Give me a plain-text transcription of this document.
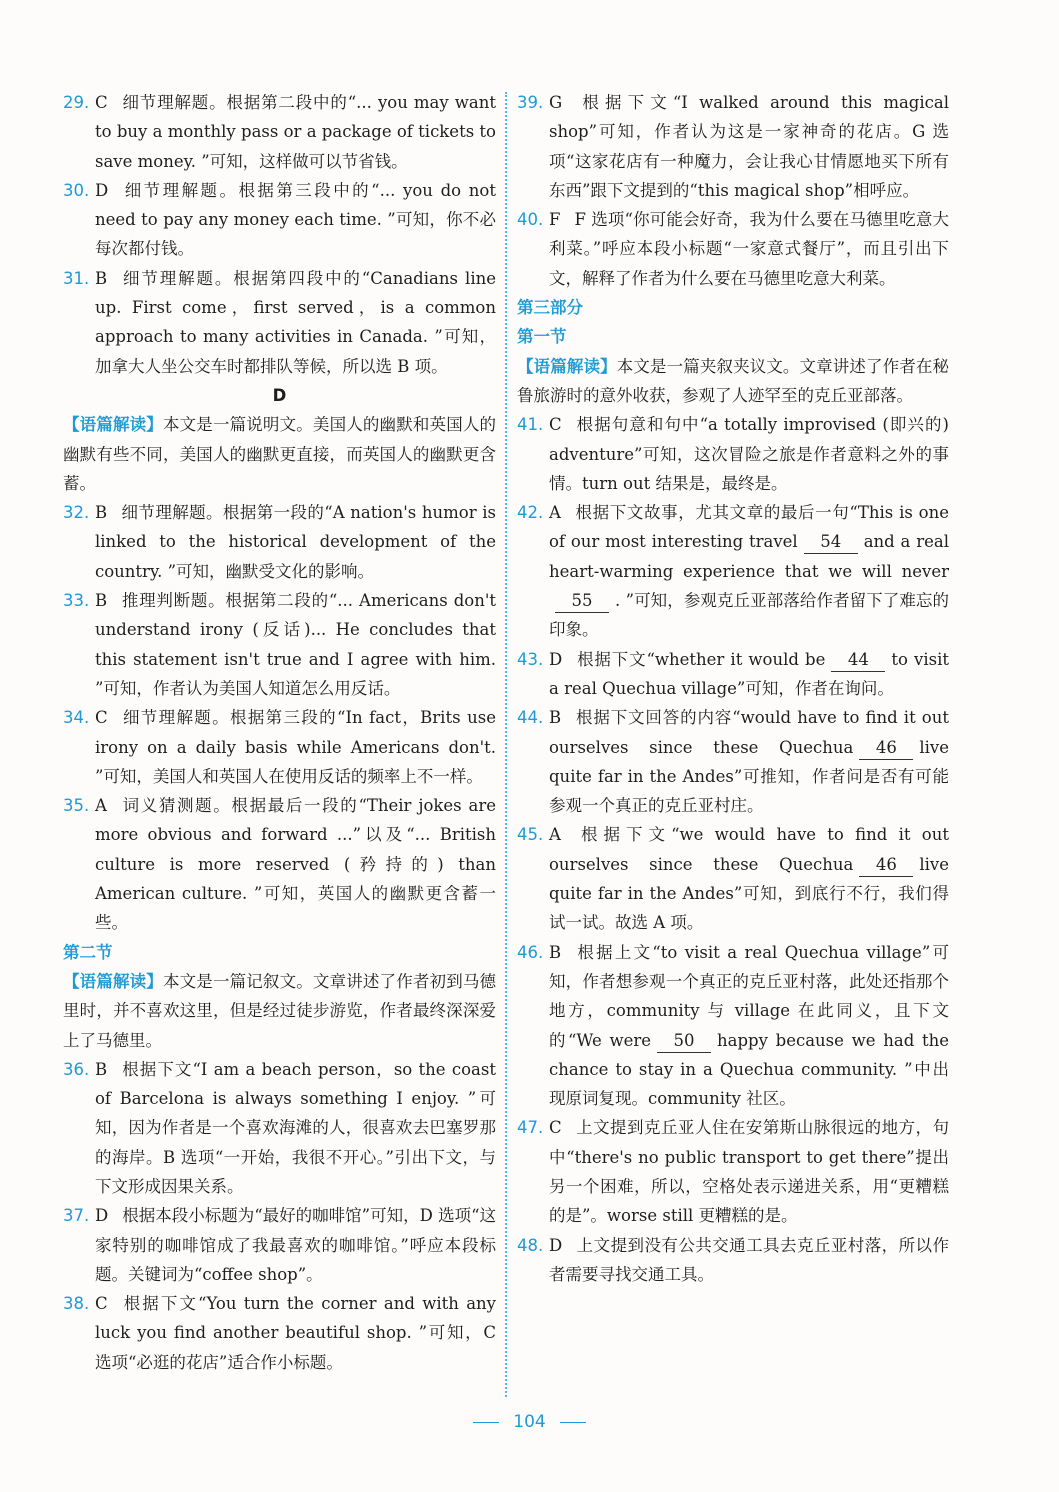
29. C 细节理解题。根据第二段中的“... you may want to buy a monthly pass or a package of tickets to save money. ”可知，这样做可以节省钱。
30. D 细节理解题。根据第三段中的“... you do not need to pay any money each time. ”可知，你不必每次都付钱。
31. B 细节理解题。根据第四段中的“Canadians line up. First come，first served，is a common approach to many activities in Canada. ”可知，加拿大人坐公交车时都排队等候，所以选 B 项。
D
【语篇解读】本文是一篇说明文。美国人的幽默和英国人的幽默有些不同，美国人的幽默更直接，而英国人的幽默更含蓄。
32. B 细节理解题。根据第一段的“A nation's humor is linked to the historical development of the country. ”可知，幽默受文化的影响。
33. B 推理判断题。根据第二段的“... Americans don't understand irony (反话)... He concludes that this statement isn't true and I agree with him. ”可知，作者认为美国人知道怎么用反话。
34. C 细节理解题。根据第三段的“In fact，Brits use irony on a daily basis while Americans don't. ”可知，美国人和英国人在使用反话的频率上不一样。
35. A 词义猜测题。根据最后一段的“Their jokes are more obvious and forward ...”以及“... British culture is more reserved (矜持的) than American culture. ”可知，英国人的幽默更含蓄一些。
第二节
【语篇解读】本文是一篇记叙文。文章讲述了作者初到马德里时，并不喜欢这里，但是经过徒步游览，作者最终深深爱上了马德里。
36. B 根据下文“I am a beach person，so the coast of Barcelona is always something I enjoy. ”可知，因为作者是一个喜欢海滩的人，很喜欢去巴塞罗那的海岸。B 选项“一开始，我很不开心。”引出下文，与下文形成因果关系。
37. D 根据本段小标题为“最好的咖啡馆”可知，D 选项“这家特别的咖啡馆成了我最喜欢的咖啡馆。”呼应本段标题。关键词为“coffee shop”。
38. C 根据下文“You turn the corner and with any luck you find another beautiful shop. ”可知，C 选项“必逛的花店”适合作小标题。
39. G 根据下文“I walked around this magical shop”可知，作者认为这是一家神奇的花店。G 选项“这家花店有一种魔力，会让我心甘情愿地买下所有东西”跟下文提到的“this magical shop”相呼应。
40. F F 选项“你可能会好奇，我为什么要在马德里吃意大利菜。”呼应本段小标题“一家意式餐厅”，而且引出下文，解释了作者为什么要在马德里吃意大利菜。
第三部分
第一节
【语篇解读】本文是一篇夹叙夹议文。文章讲述了作者在秘鲁旅游时的意外收获，参观了人迹罕至的克丘亚部落。
41. C 根据句意和句中“a totally improvised (即兴的) adventure”可知，这次冒险之旅是作者意料之外的事情。turn out 结果是，最终是。
42. A 根据下文故事，尤其文章的最后一句“This is one of our most interesting travel 54 and a real heart-warming experience that we will never55 . ”可知，参观克丘亚部落给作者留下了难忘的印象。
43. D 根据下文“whether it would be 44 to visit a real Quechua village”可知，作者在询问。
44. B 根据下文回答的内容“would have to find it out ourselves since these Quechua 46 live quite far in the Andes”可推知，作者问是否有可能参观一个真正的克丘亚村庄。
45. A 根据下文“we would have to find it out ourselves since these Quechua 46 live quite far in the Andes”可知，到底行不行，我们得试一试。故选 A 项。
46. B 根据上文“to visit a real Quechua village”可知，作者想参观一个真正的克丘亚村落，此处还指那个地方，community 与 village 在此同义，且下文的“We were 50 happy because we had the chance to stay in a Quechua community. ”中出现原词复现。community 社区。
47. C 上文提到克丘亚人住在安第斯山脉很远的地方，句中“there's no public transport to get there”提出另一个困难，所以，空格处表示递进关系，用“更糟糕的是”。worse still 更糟糕的是。
48. D 上文提到没有公共交通工具去克丘亚村落，所以作者需要寻找交通工具。
104
